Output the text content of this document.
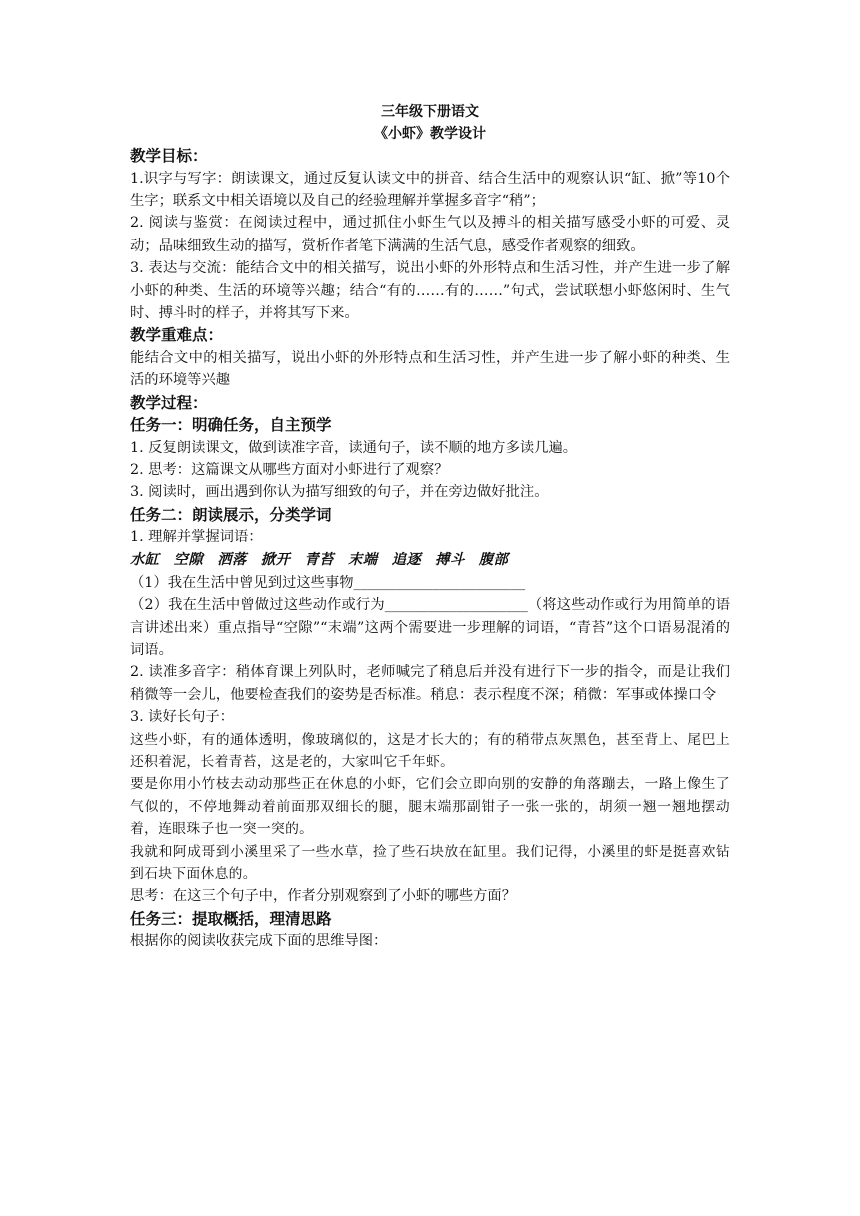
三年级下册语文
《小虾》教学设计
教学目标：
1.识字与写字：朗读课文，通过反复认读文中的拼音、结合生活中的观察认识“缸、掀”等10个生字；联系文中相关语境以及自己的经验理解并掌握多音字“稍”；
2. 阅读与鉴赏：在阅读过程中，通过抓住小虾生气以及搏斗的相关描写感受小虾的可爱、灵动；品味细致生动的描写，赏析作者笔下满满的生活气息，感受作者观察的细致。
3. 表达与交流：能结合文中的相关描写，说出小虾的外形特点和生活习性，并产生进一步了解小虾的种类、生活的环境等兴趣；结合“有的……有的……”句式，尝试联想小虾悠闲时、生气时、搏斗时的样子，并将其写下来。
教学重难点：
能结合文中的相关描写，说出小虾的外形特点和生活习性，并产生进一步了解小虾的种类、生活的环境等兴趣
教学过程：
任务一：明确任务，自主预学
1. 反复朗读课文，做到读准字音，读通句子，读不顺的地方多读几遍。
2. 思考：这篇课文从哪些方面对小虾进行了观察？
3. 阅读时，画出遇到你认为描写细致的句子，并在旁边做好批注。
任务二：朗读展示，分类学词
1. 理解并掌握词语：
水缸 空隙 洒落 掀开 青苔 末端 追逐 搏斗 腹部
（1）我在生活中曾见到过这些事物________________________
（2）我在生活中曾做过这些动作或行为____________________（将这些动作或行为用简单的语言讲述出来）重点指导“空隙”“末端”这两个需要进一步理解的词语，“青苔”这个口语易混淆的词语。
2. 读准多音字：稍体育课上列队时，老师喊完了稍息后并没有进行下一步的指令，而是让我们稍微等一会儿，他要检查我们的姿势是否标准。稍息：表示程度不深；稍微：军事或体操口令
3. 读好长句子：
这些小虾，有的通体透明，像玻璃似的，这是才长大的；有的稍带点灰黑色，甚至背上、尾巴上还积着泥，长着青苔，这是老的，大家叫它千年虾。
要是你用小竹枝去动动那些正在休息的小虾，它们会立即向别的安静的角落蹦去，一路上像生了气似的，不停地舞动着前面那双细长的腿，腿末端那副钳子一张一张的，胡须一翘一翘地摆动着，连眼珠子也一突一突的。
我就和阿成哥到小溪里采了一些水草，捡了些石块放在缸里。我们记得，小溪里的虾是挺喜欢钻到石块下面休息的。
思考：在这三个句子中，作者分别观察到了小虾的哪些方面？
任务三：提取概括，理清思路
根据你的阅读收获完成下面的思维导图：
